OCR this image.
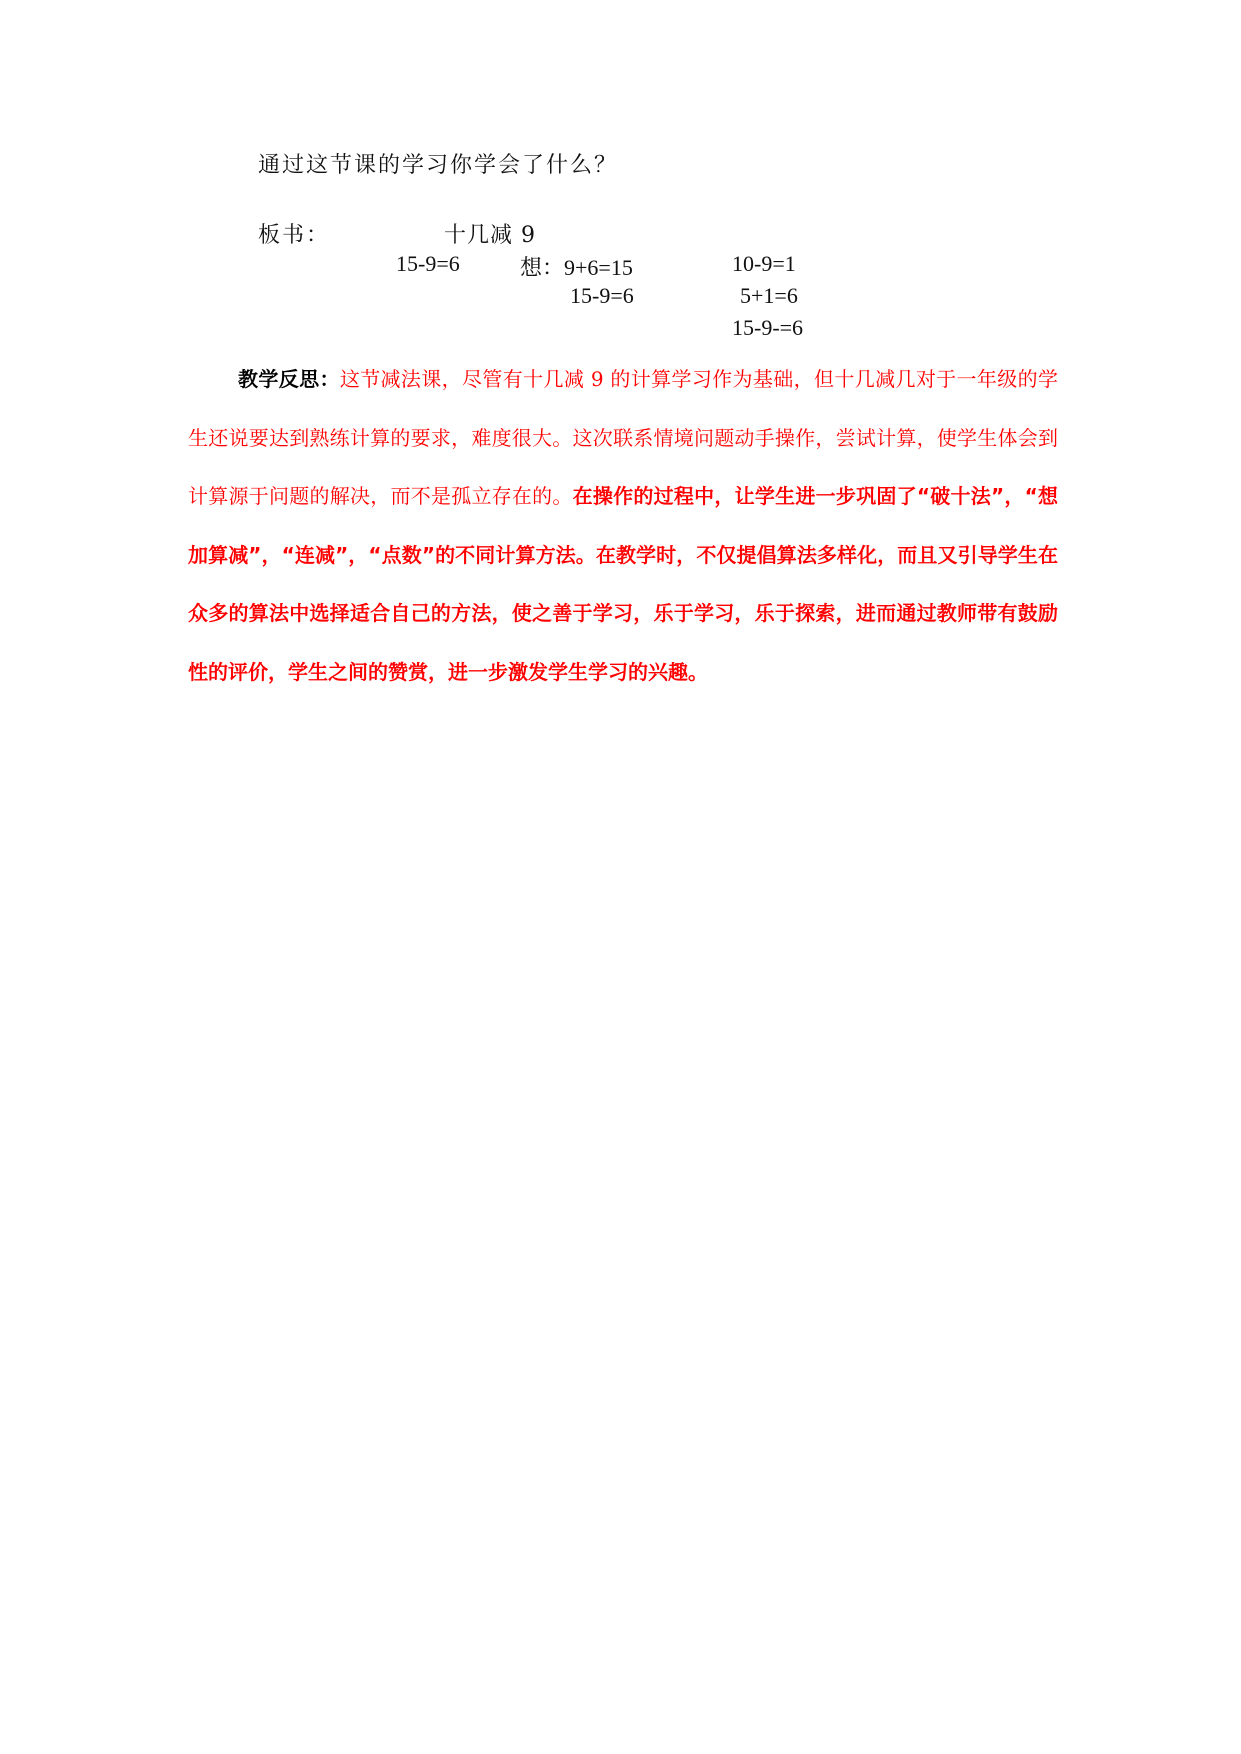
通过这节课的学习你学会了什么？
板书：	十几减 9
15-9=6	想：9+6=15
15-9=6
10-9=1
5+1=6
15-9-=6

教学反思：这节减法课，尽管有十几减 9 的计算学习作为基础，但十几减几对于一年级的学生还说要达到熟练计算的要求，难度很大。这次联系情境问题动手操作，尝试计算，使学生体会到计算源于问题的解决，而不是孤立存在的。在操作的过程中，让学生进一步巩固了“破十法”，“想加算减”，“连减”，“点数”的不同计算方法。在教学时，不仅提倡算法多样化，而且又引导学生在众多的算法中选择适合自己的方法，使之善于学习，乐于学习，乐于探索，进而通过教师带有鼓励性的评价，学生之间的赞赏，进一步激发学生学习的兴趣。
